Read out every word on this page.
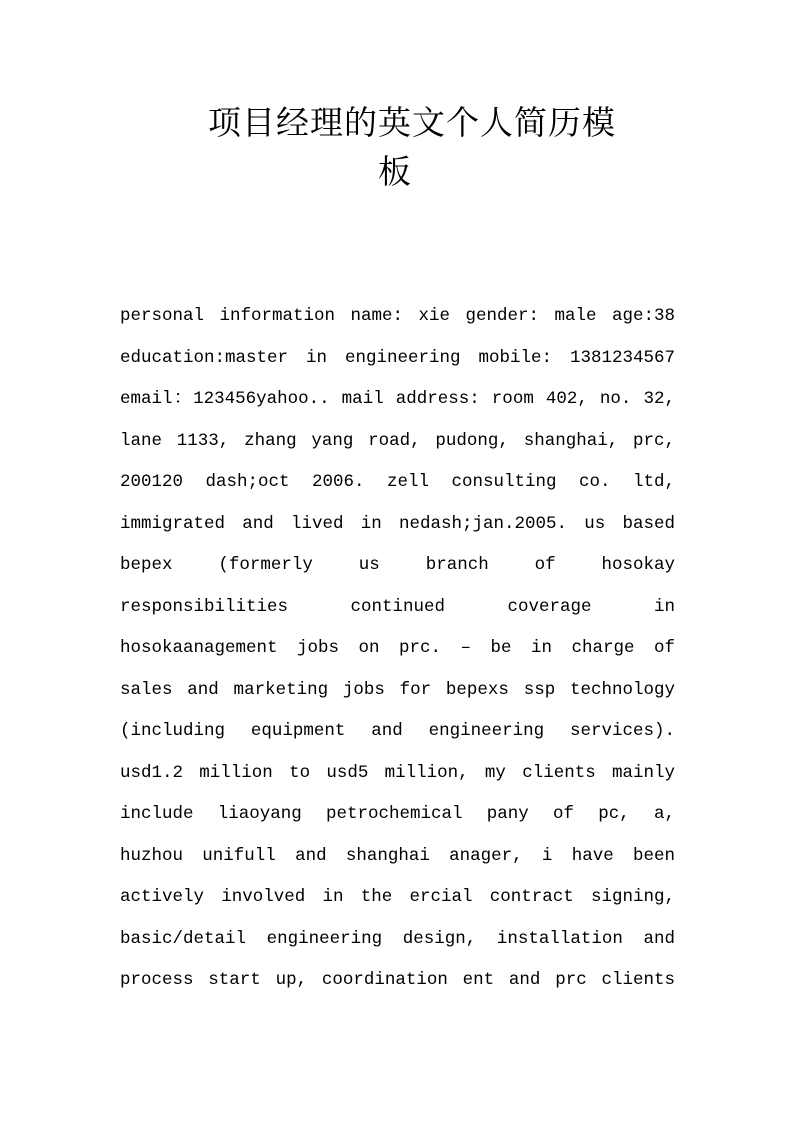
项目经理的英文个人简历模
板
personal information name: xie gender: male age:38
education:master in engineering mobile: 1381234567
email：123456yahoo.. mail address: room 402, no. 32,
lane 1133, zhang yang road, pudong, shanghai, prc,
200120 dash;oct 2006. zell consulting co. ltd,
immigrated and lived in nedash;jan.2005. us based
bepex (formerly us branch of hosokay
responsibilities continued coverage in
hosokaanagement jobs on prc. – be in charge of
sales and marketing jobs for bepexs ssp technology
(including equipment and engineering services).
usd1.2 million to usd5 million, my clients mainly
include liaoyang petrochemical pany of pc, a,
huzhou unifull and shanghai anager, i have been
actively involved in the ercial contract signing,
basic/detail engineering design, installation and
process start up, coordination ent and prc clients
